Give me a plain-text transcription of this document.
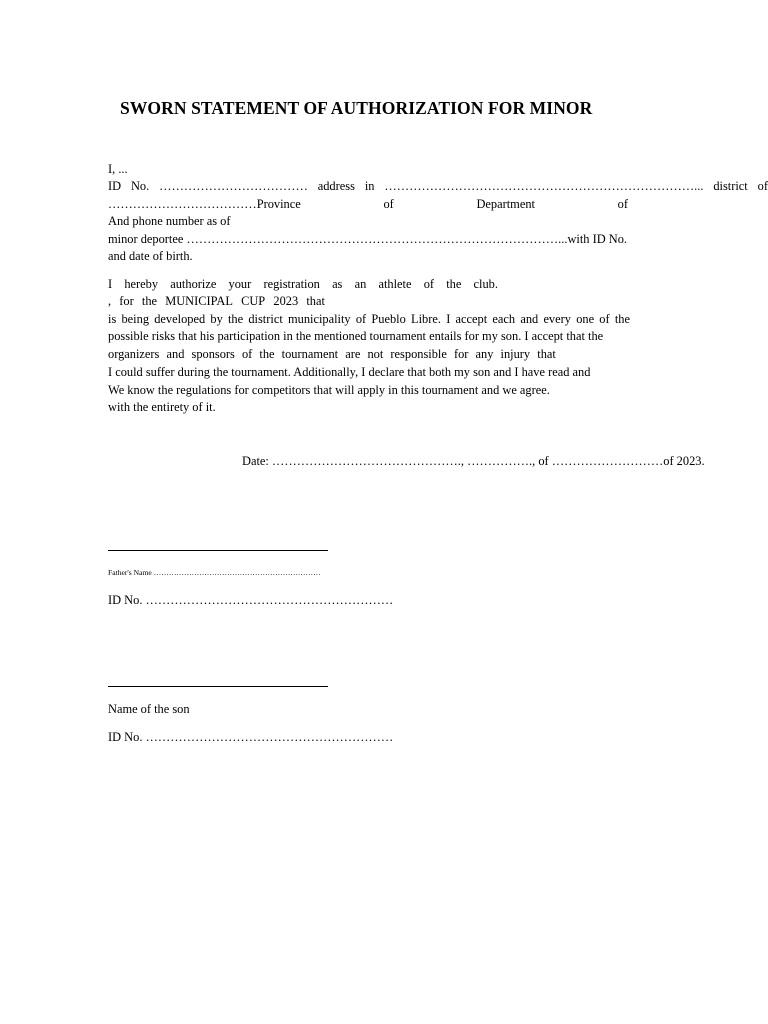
SWORN STATEMENT OF AUTHORIZATION FOR MINOR
I, ...
ID No. ……………………………… address in …………………………………………………………………... district of
………………………………Province	of	Department	of
And phone number as of
minor deportee ………………………………………………………………………………...with ID No.
and date of birth.
I hereby authorize your registration as an athlete of the club.
, for the MUNICIPAL CUP 2023 that
is being developed by the district municipality of Pueblo Libre. I accept each and every one of the
possible risks that his participation in the mentioned tournament entails for my son. I accept that the
organizers and sponsors of the tournament are not responsible for any injury that
I could suffer during the tournament. Additionally, I declare that both my son and I have read and
We know the regulations for competitors that will apply in this tournament and we agree.
with the entirety of it.
Date: ………………………………………., ……………., of ………………………of 2023.
Father's Name …………………………………………………………
ID No. ……………………………………………………
Name of the son
ID No. ……………………………………………………
